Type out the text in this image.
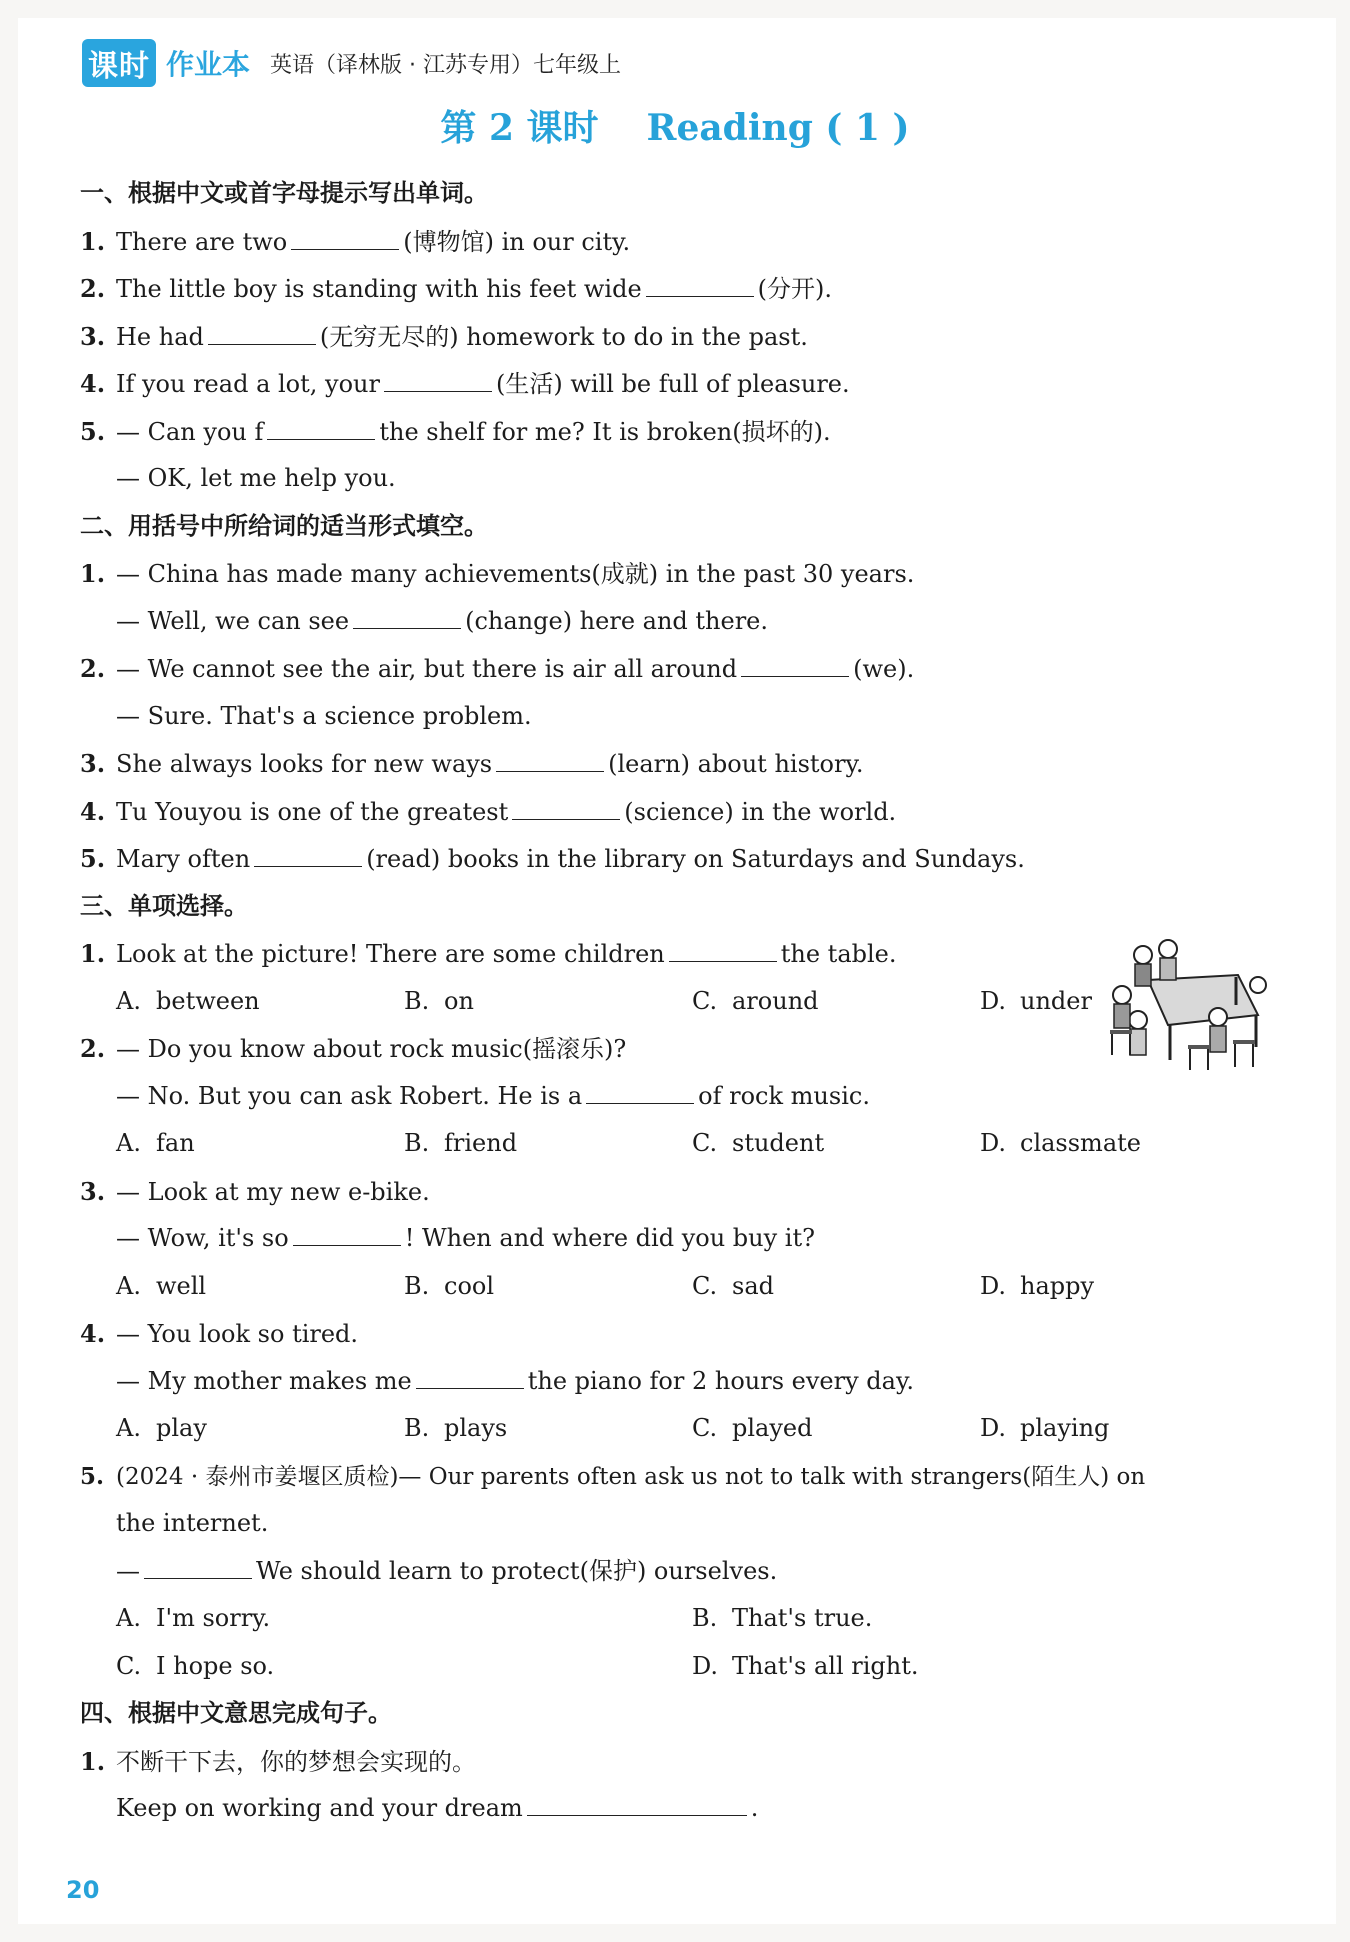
课时 作业本 英语（译林版 · 江苏专用）七年级上
第 2 课时 Reading ( 1 )
一、根据中文或首字母提示写出单词。
1. There are two	(博物馆) in our city.
2. The little boy is standing with his feet wide	(分开).
3. He had	(无穷无尽的) homework to do in the past.
4. If you read a lot, your	(生活) will be full of pleasure.
5. — Can you f	the shelf for me? It is broken(损坏的).
— OK, let me help you.
二、用括号中所给词的适当形式填空。
1. — China has made many achievements(成就) in the past 30 years.
— Well, we can see	(change) here and there.
2. — We cannot see the air, but there is air all around	(we).
— Sure. That's a science problem.
3. She always looks for new ways	(learn) about history.
4. Tu Youyou is one of the greatest	(science) in the world.
5. Mary often	(read) books in the library on Saturdays and Sundays.
三、单项选择。
1. Look at the picture! There are some children	the table.
A. between	B. on	C. around	D. under
2. — Do you know about rock music(摇滚乐)?
— No. But you can ask Robert. He is a	of rock music.
A. fan	B. friend	C. student	D. classmate
3. — Look at my new e-bike.
— Wow, it's so	! When and where did you buy it?
A. well	B. cool	C. sad	D. happy
4. — You look so tired.
— My mother makes me	the piano for 2 hours every day.
A. play	B. plays	C. played	D. playing
5. (2024 · 泰州市姜堰区质检)— Our parents often ask us not to talk with strangers(陌生人) on
the internet.
—	We should learn to protect(保护) ourselves.
A. I'm sorry.	B. That's true.
C. I hope so.	D. That's all right.
四、根据中文意思完成句子。
1. 不断干下去，你的梦想会实现的。
Keep on working and your dream	.
20
